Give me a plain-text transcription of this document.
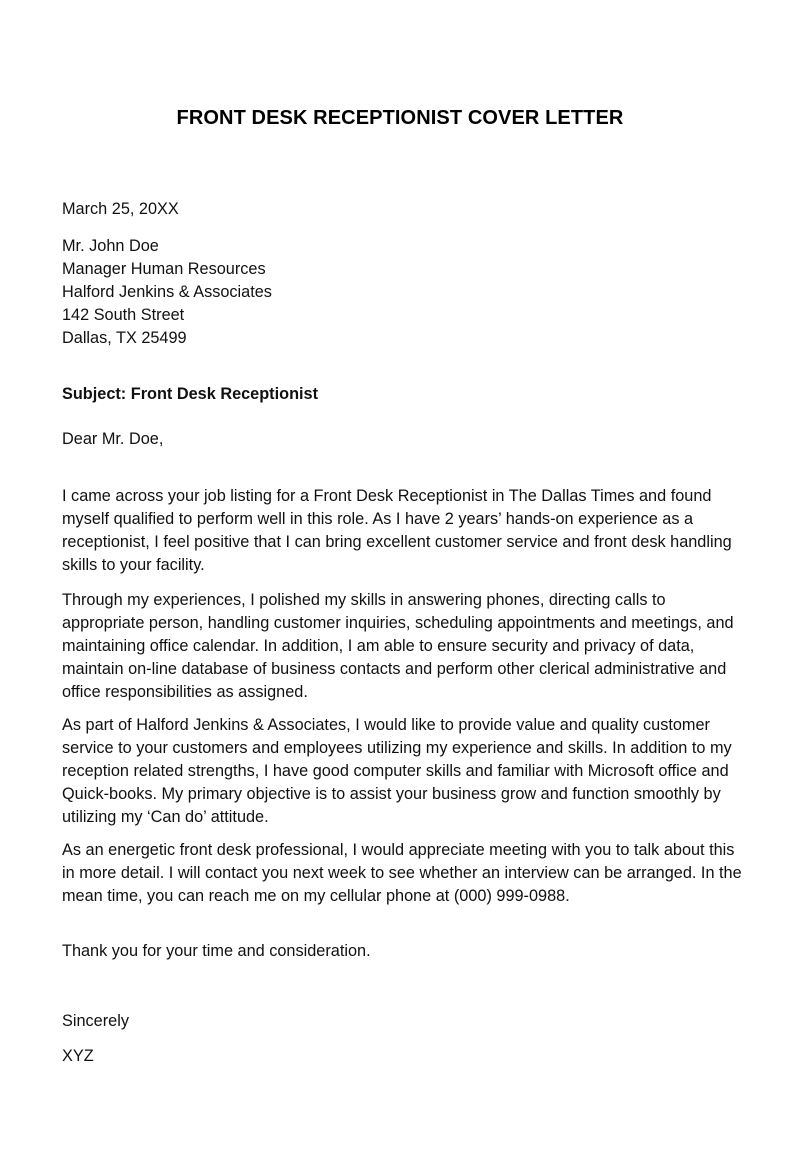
FRONT DESK RECEPTIONIST COVER LETTER

March 25, 20XX

Mr. John Doe
Manager Human Resources
Halford Jenkins & Associates
142 South Street
Dallas, TX 25499

Subject: Front Desk Receptionist

Dear Mr. Doe,

I came across your job listing for a Front Desk Receptionist in The Dallas Times and found myself qualified to perform well in this role. As I have 2 years’ hands-on experience as a receptionist, I feel positive that I can bring excellent customer service and front desk handling skills to your facility.

Through my experiences, I polished my skills in answering phones, directing calls to appropriate person, handling customer inquiries, scheduling appointments and meetings, and maintaining office calendar. In addition, I am able to ensure security and privacy of data, maintain on-line database of business contacts and perform other clerical administrative and office responsibilities as assigned.

As part of Halford Jenkins & Associates, I would like to provide value and quality customer service to your customers and employees utilizing my experience and skills. In addition to my reception related strengths, I have good computer skills and familiar with Microsoft office and Quick-books. My primary objective is to assist your business grow and function smoothly by utilizing my ‘Can do’ attitude.

As an energetic front desk professional, I would appreciate meeting with you to talk about this in more detail. I will contact you next week to see whether an interview can be arranged. In the mean time, you can reach me on my cellular phone at (000) 999-0988.

Thank you for your time and consideration.

Sincerely

XYZ
